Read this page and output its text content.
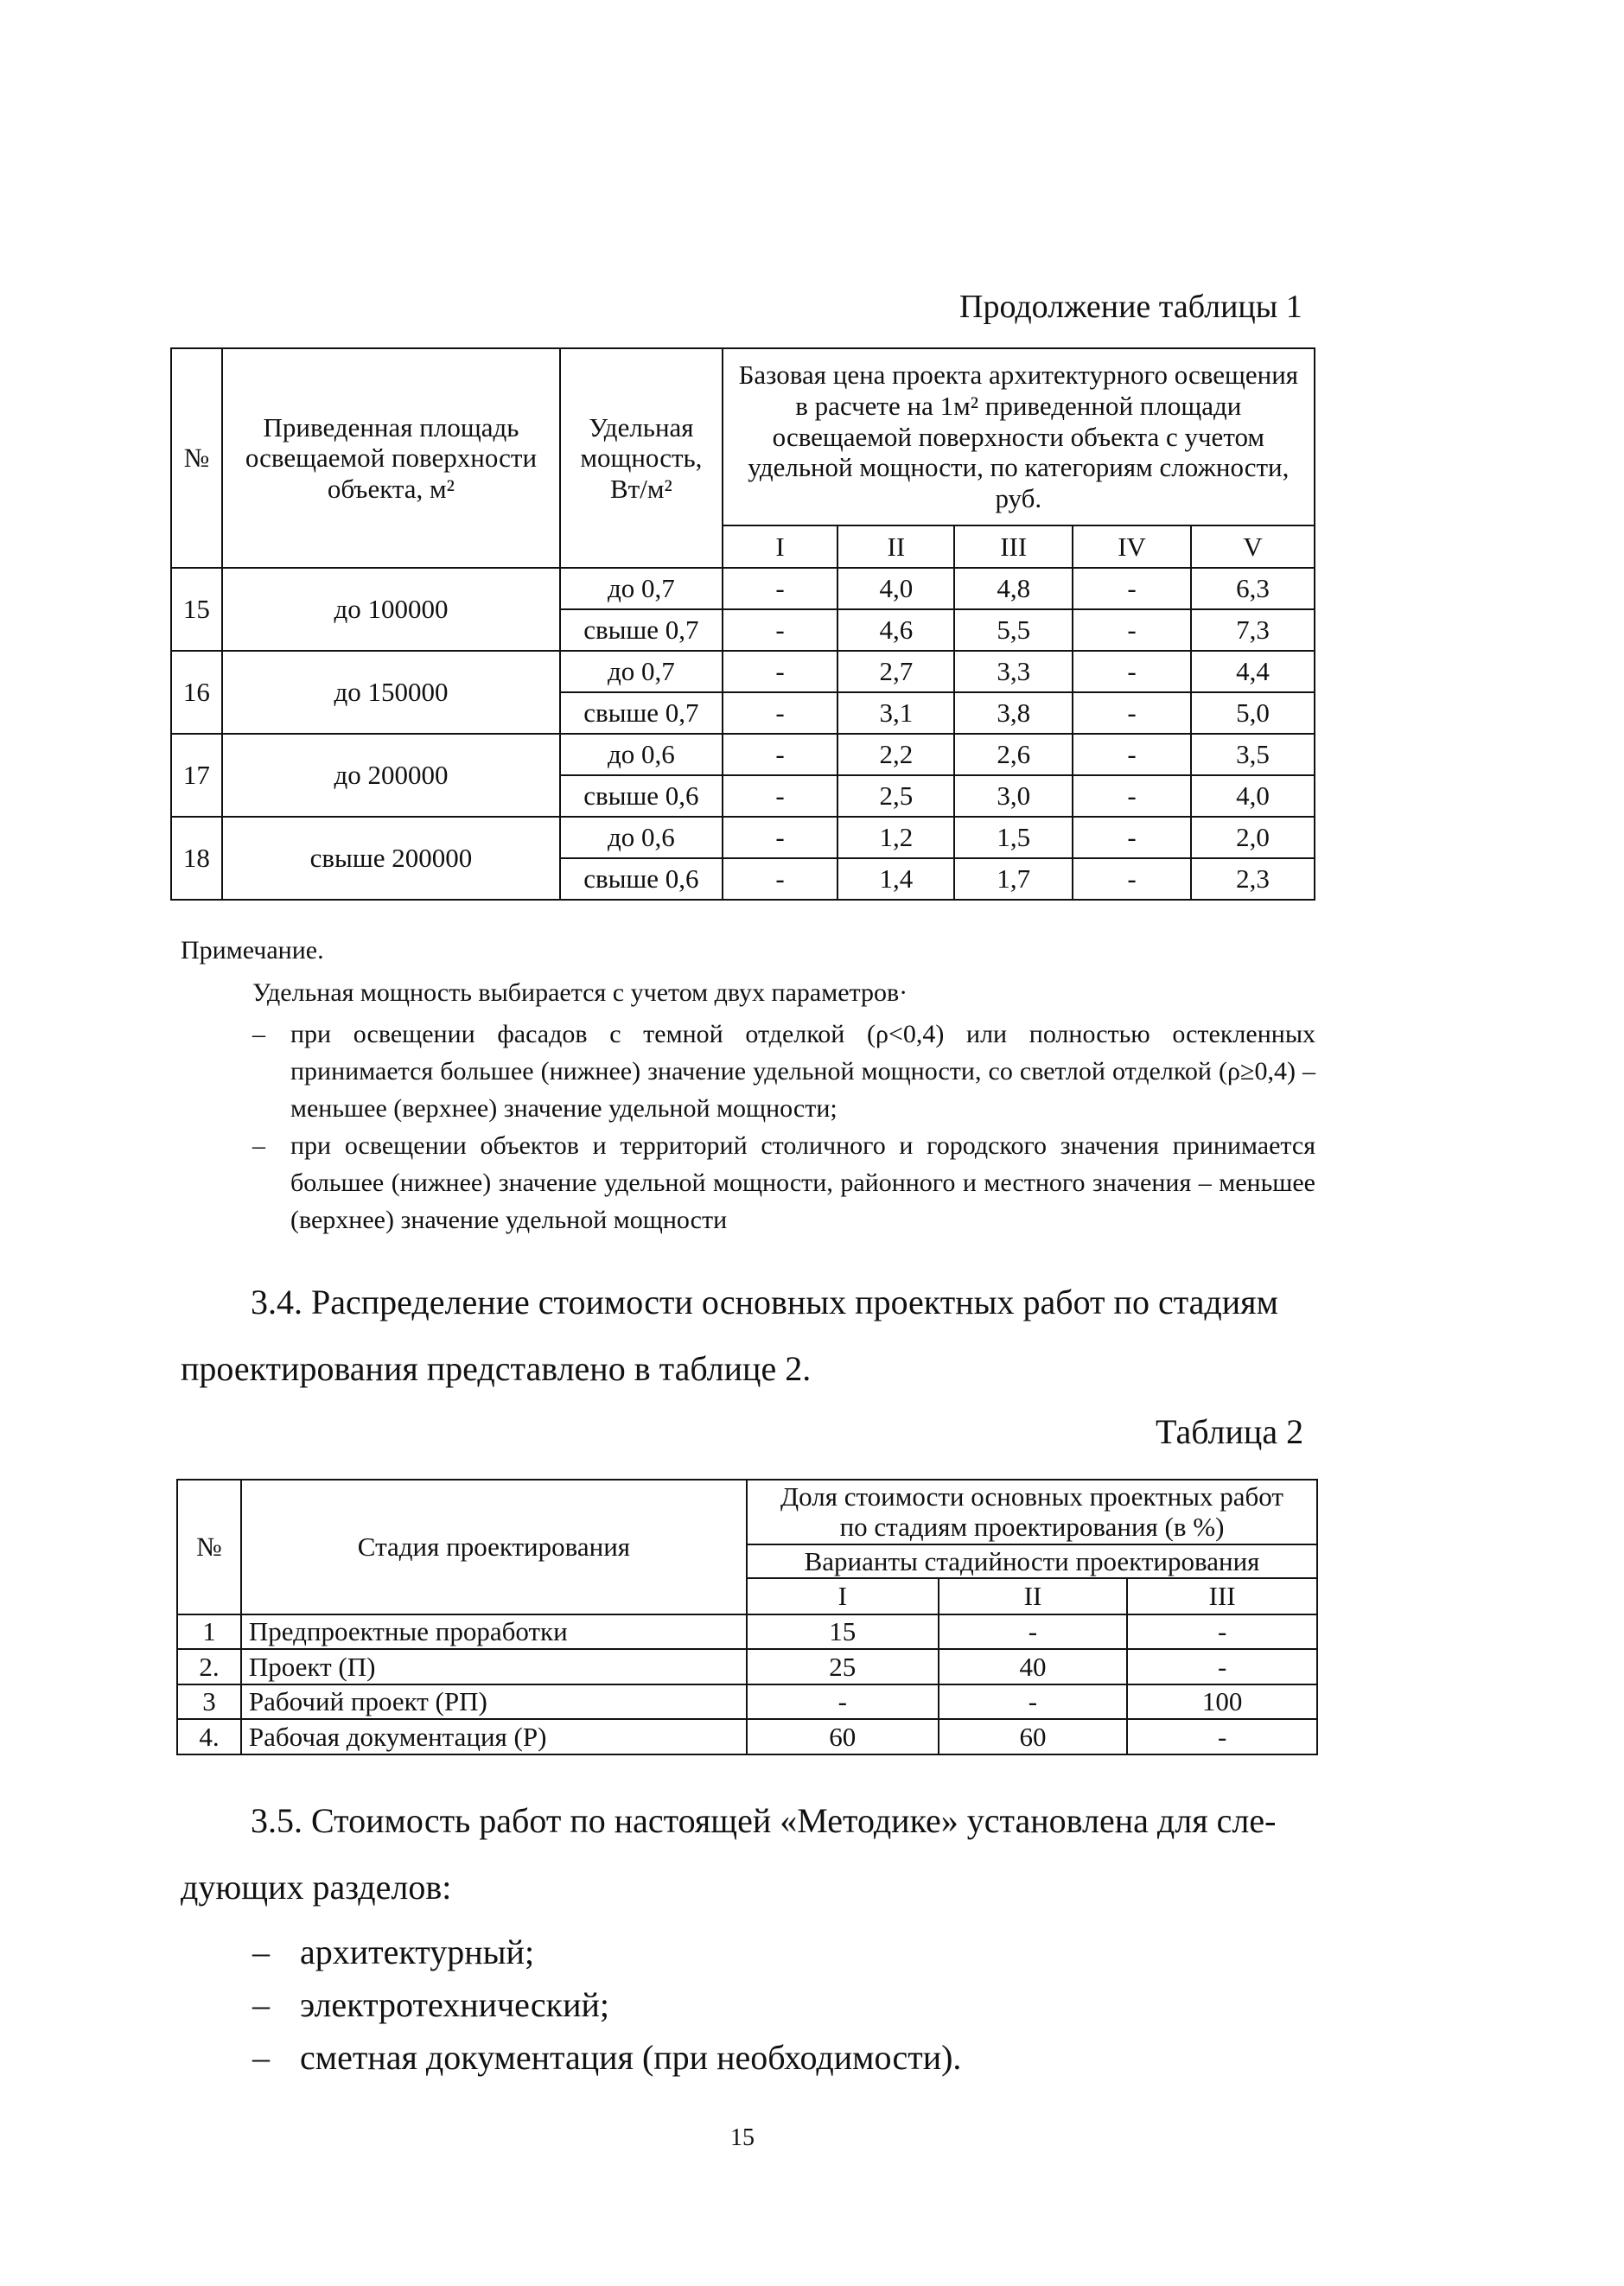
Продолжение таблицы 1
№	Приведенная площадь освещаемой поверхности объекта, м²	Удельная мощность, Вт/м²	Базовая цена проекта архитектурного освещения в расчете на 1м² приведенной площади освещаемой поверхности объекта с учетом удельной мощности, по категориям сложности, руб.				
			I	II	III	IV	V
15	до 100000	до 0,7	-	4,0	4,8	-	6,3
		свыше 0,7	-	4,6	5,5	-	7,3
16	до 150000	до 0,7	-	2,7	3,3	-	4,4
		свыше 0,7	-	3,1	3,8	-	5,0
17	до 200000	до 0,6	-	2,2	2,6	-	3,5
		свыше 0,6	-	2,5	3,0	-	4,0
18	свыше 200000	до 0,6	-	1,2	1,5	-	2,0
		свыше 0,6	-	1,4	1,7	-	2,3
Примечание.
Удельная мощность выбирается с учетом двух параметров·
– при освещении фасадов с темной отделкой (ρ<0,4) или полностью остекленных принимается большее (нижнее) значение удельной мощности, со светлой отделкой (ρ≥0,4) – меньшее (верхнее) значение удельной мощности;
– при освещении объектов и территорий столичного и городского значения принимается большее (нижнее) значение удельной мощности, районного и местного значения – меньшее (верхнее) значение удельной мощности
3.4. Распределение стоимости основных проектных работ по стадиям
проектирования представлено в таблице 2.
Таблица 2
№	Стадия проектирования	Доля стоимости основных проектных работ по стадиям проектирования (в %)		
		Варианты стадийности проектирования		
		I	II	III
1	Предпроектные проработки	15	-	-
2.	Проект (П)	25	40	-
3	Рабочий проект (РП)	-	-	100
4.	Рабочая документация (Р)	60	60	-
3.5. Стоимость работ по настоящей «Методике» установлена для сле-
дующих разделов:
– архитектурный;
– электротехнический;
– сметная документация (при необходимости).
15
